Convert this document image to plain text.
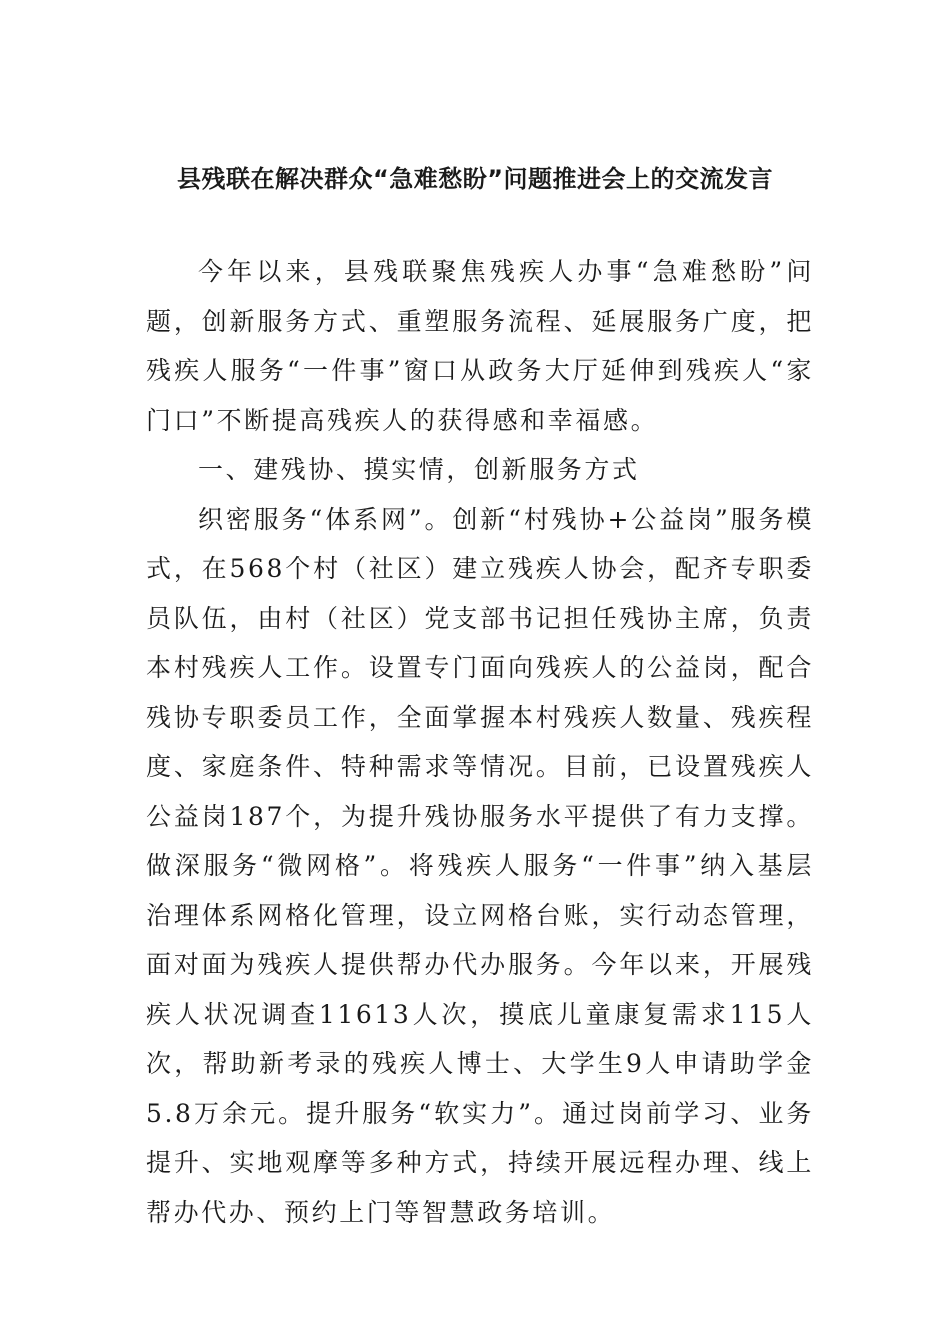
县残联在解决群众“急难愁盼”问题推进会上的交流发言

今年以来，县残联聚焦残疾人办事“急难愁盼”问题，创新服务方式、重塑服务流程、延展服务广度，把残疾人服务“一件事”窗口从政务大厅延伸到残疾人“家门口”不断提高残疾人的获得感和幸福感。

一、建残协、摸实情，创新服务方式

织密服务“体系网”。创新“村残协+公益岗”服务模式，在568个村（社区）建立残疾人协会，配齐专职委员队伍，由村（社区）党支部书记担任残协主席，负责本村残疾人工作。设置专门面向残疾人的公益岗，配合残协专职委员工作，全面掌握本村残疾人数量、残疾程度、家庭条件、特种需求等情况。目前，已设置残疾人公益岗187个，为提升残协服务水平提供了有力支撑。做深服务“微网格”。将残疾人服务“一件事”纳入基层治理体系网格化管理，设立网格台账，实行动态管理，面对面为残疾人提供帮办代办服务。今年以来，开展残疾人状况调查11613人次，摸底儿童康复需求115人次，帮助新考录的残疾人博士、大学生9人申请助学金5.8万余元。提升服务“软实力”。通过岗前学习、业务提升、实地观摩等多种方式，持续开展远程办理、线上帮办代办、预约上门等智慧政务培训。
